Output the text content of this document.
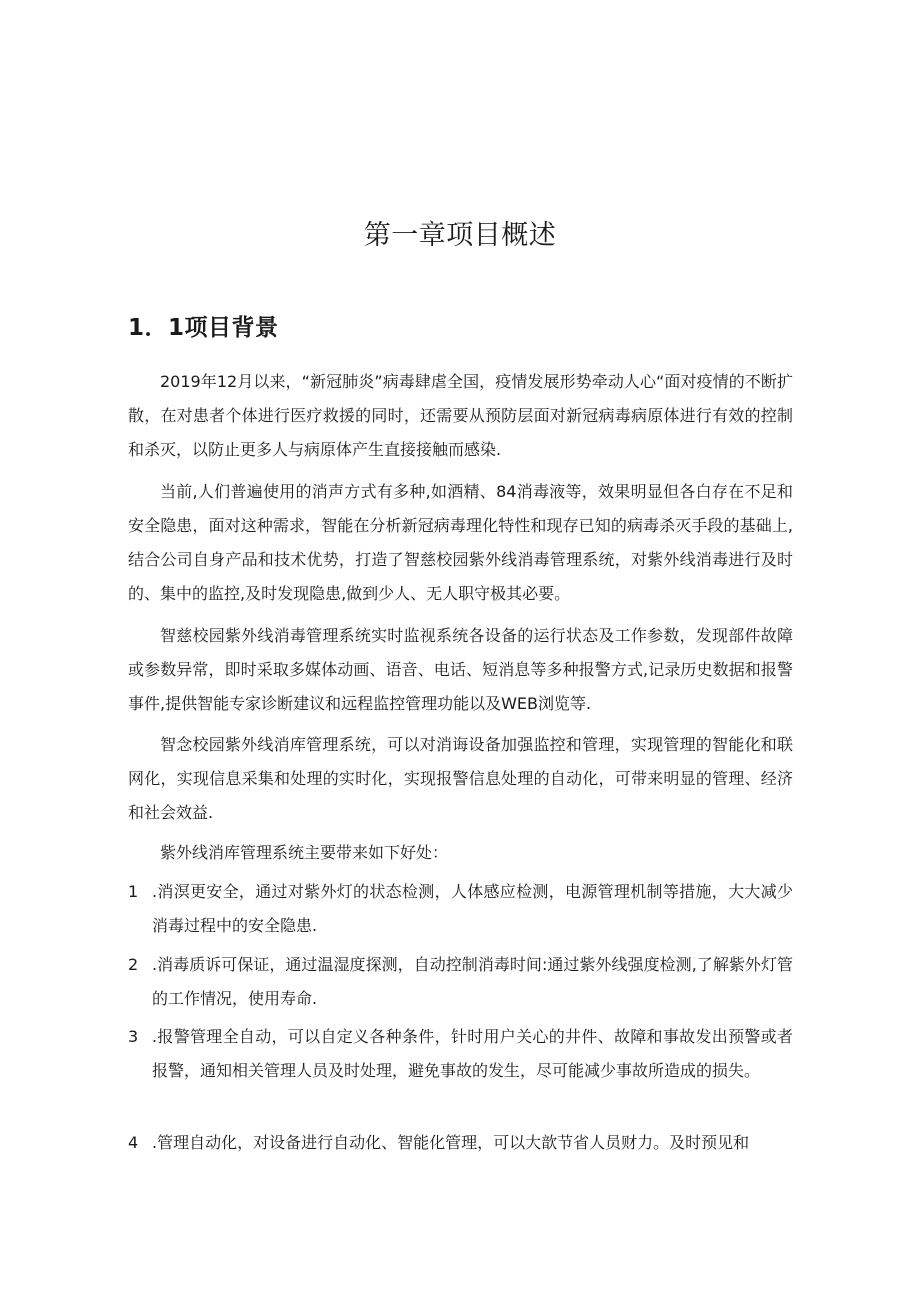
第一章项目概述
1．1项目背景

2019年12月以来，“新冠肺炎”病毒肆虐全国，疫情发展形势牵动人心“面对疫情的不断扩散，在对患者个体进行医疗救援的同时，还需要从预防层面对新冠病毒病原体进行有效的控制和杀灭，以防止更多人与病原体产生直接接触而感染.

当前,人们普遍使用的消声方式有多种,如酒精、84消毒液等，效果明显但各白存在不足和安全隐患，面对这种需求，智能在分析新冠病毒理化特性和现存已知的病毒杀灭手段的基础上,结合公司自身产品和技术优势，打造了智慈校园紫外线消毒管理系统，对紫外线消毒进行及时的、集中的监控,及时发现隐患,做到少人、无人职守极其必要。

智慈校园紫外线消毒管理系统实时监视系统各设备的运行状态及工作参数，发现部件故障或参数异常，即时采取多媒体动画、语音、电话、短消息等多种报警方式,记录历史数据和报警事件,提供智能专家诊断建议和远程监控管理功能以及WEB浏览等.

智念校园紫外线消库管理系统，可以对消诲设备加强监控和管理，实现管理的智能化和联网化，实现信息采集和处理的实时化，实现报警信息处理的自动化，可带来明显的管理、经济和社会效益.

紫外线消库管理系统主要带来如下好处：

1 .消溟更安全，通过对紫外灯的状态检测，人体感应检测，电源管理机制等措施，大大减少消毒过程中的安全隐患.
2 .消毒质诉可保证，通过温湿度探测，自动控制消毒时间:通过紫外线强度检测,了解紫外灯管的工作情况，使用寿命.
3 .报警管理全自动，可以自定义各种条件，针时用户关心的井件、故障和事故发出预警或者报警，通知相关管理人员及时处理，避免事故的发生，尽可能减少事故所造成的损失。
4 .管理自动化，对设备进行自动化、智能化管理，可以大歆节省人员财力。及时预见和
